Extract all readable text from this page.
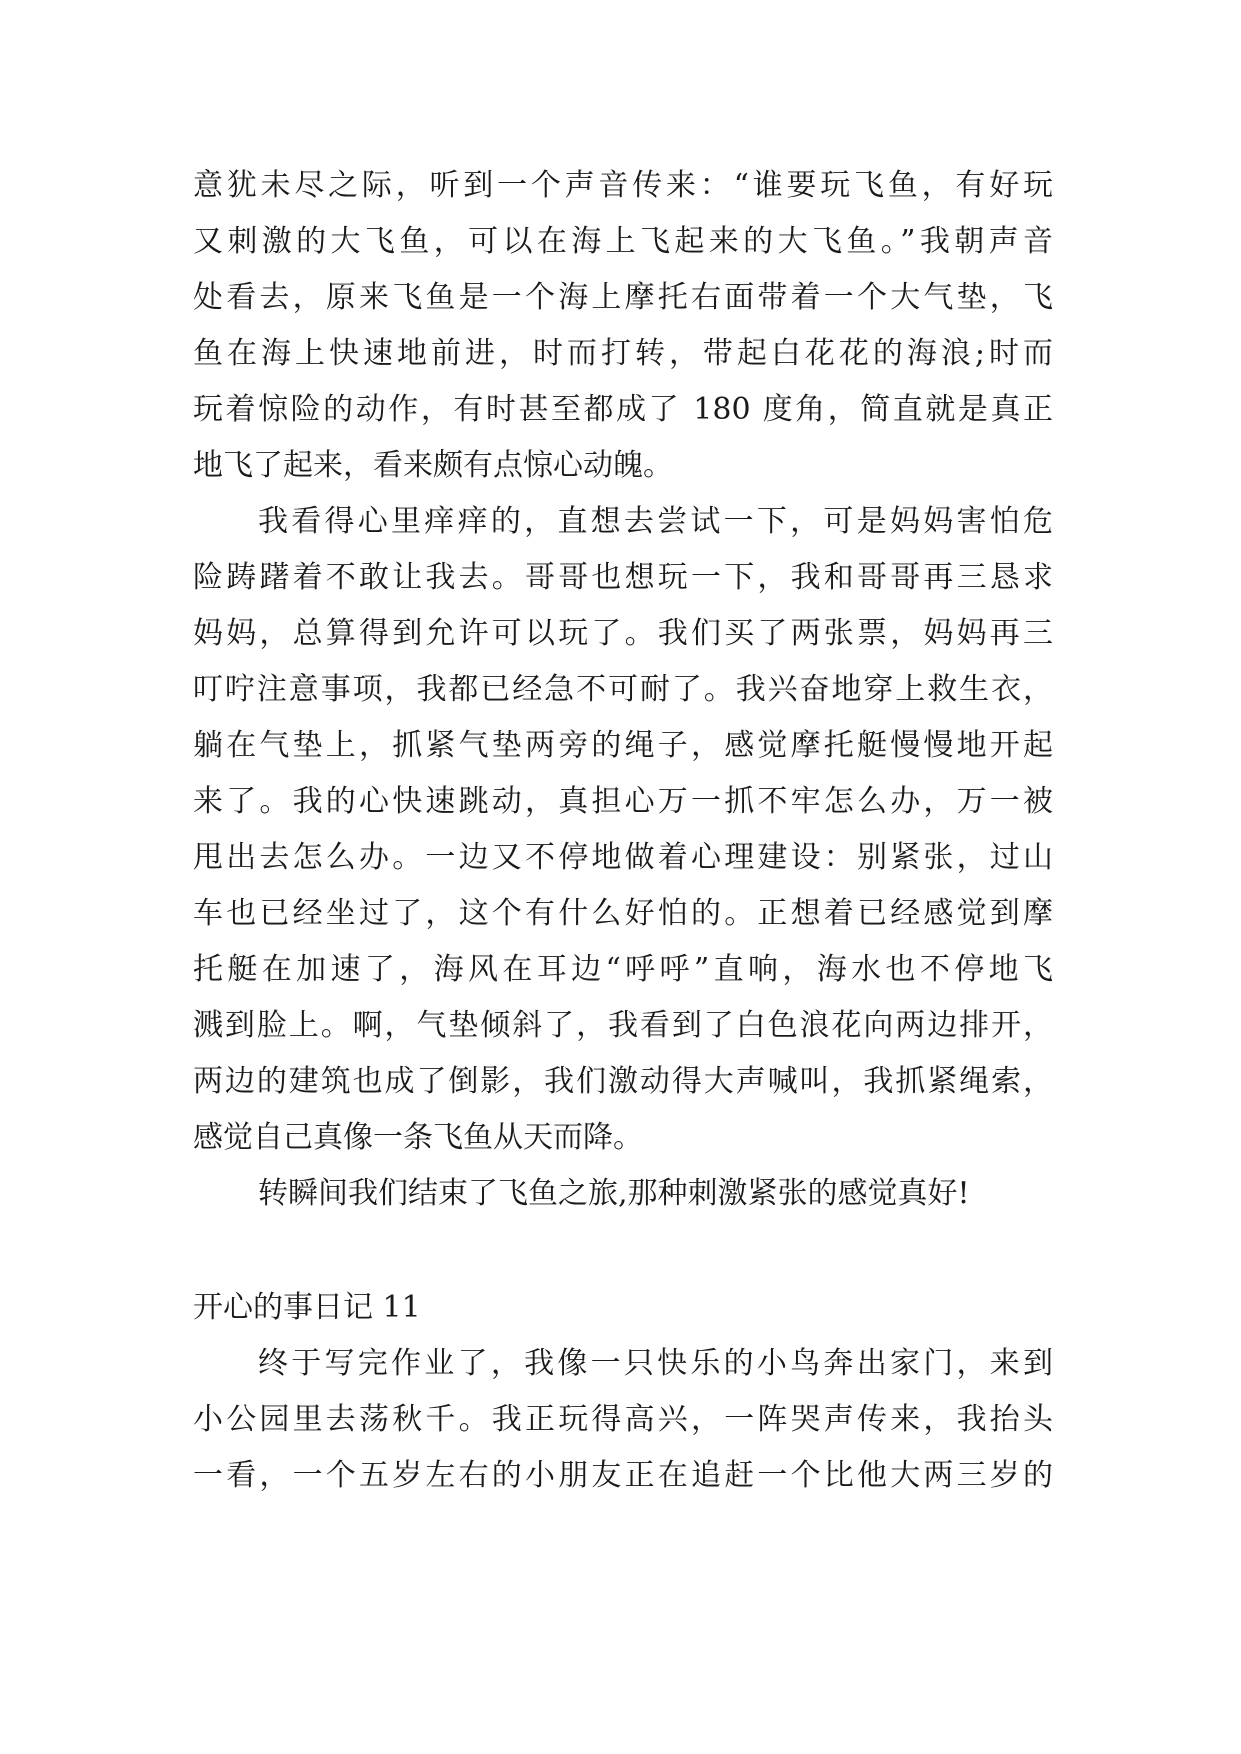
意犹未尽之际，听到一个声音传来：“谁要玩飞鱼，有好玩
又刺激的大飞鱼，可以在海上飞起来的大飞鱼。”我朝声音
处看去，原来飞鱼是一个海上摩托右面带着一个大气垫，飞
鱼在海上快速地前进，时而打转，带起白花花的海浪;时而
玩着惊险的动作，有时甚至都成了 180 度角，简直就是真正
地飞了起来，看来颇有点惊心动魄。
我看得心里痒痒的，直想去尝试一下，可是妈妈害怕危
险踌躇着不敢让我去。哥哥也想玩一下，我和哥哥再三恳求
妈妈，总算得到允许可以玩了。我们买了两张票，妈妈再三
叮咛注意事项，我都已经急不可耐了。我兴奋地穿上救生衣，
躺在气垫上，抓紧气垫两旁的绳子，感觉摩托艇慢慢地开起
来了。我的心快速跳动，真担心万一抓不牢怎么办，万一被
甩出去怎么办。一边又不停地做着心理建设：别紧张，过山
车也已经坐过了，这个有什么好怕的。正想着已经感觉到摩
托艇在加速了，海风在耳边“呼呼”直响，海水也不停地飞
溅到脸上。啊，气垫倾斜了，我看到了白色浪花向两边排开，
两边的建筑也成了倒影，我们激动得大声喊叫，我抓紧绳索，
感觉自己真像一条飞鱼从天而降。
转瞬间我们结束了飞鱼之旅,那种刺激紧张的感觉真好!
开心的事日记 11
终于写完作业了，我像一只快乐的小鸟奔出家门，来到
小公园里去荡秋千。我正玩得高兴，一阵哭声传来，我抬头
一看，一个五岁左右的小朋友正在追赶一个比他大两三岁的
